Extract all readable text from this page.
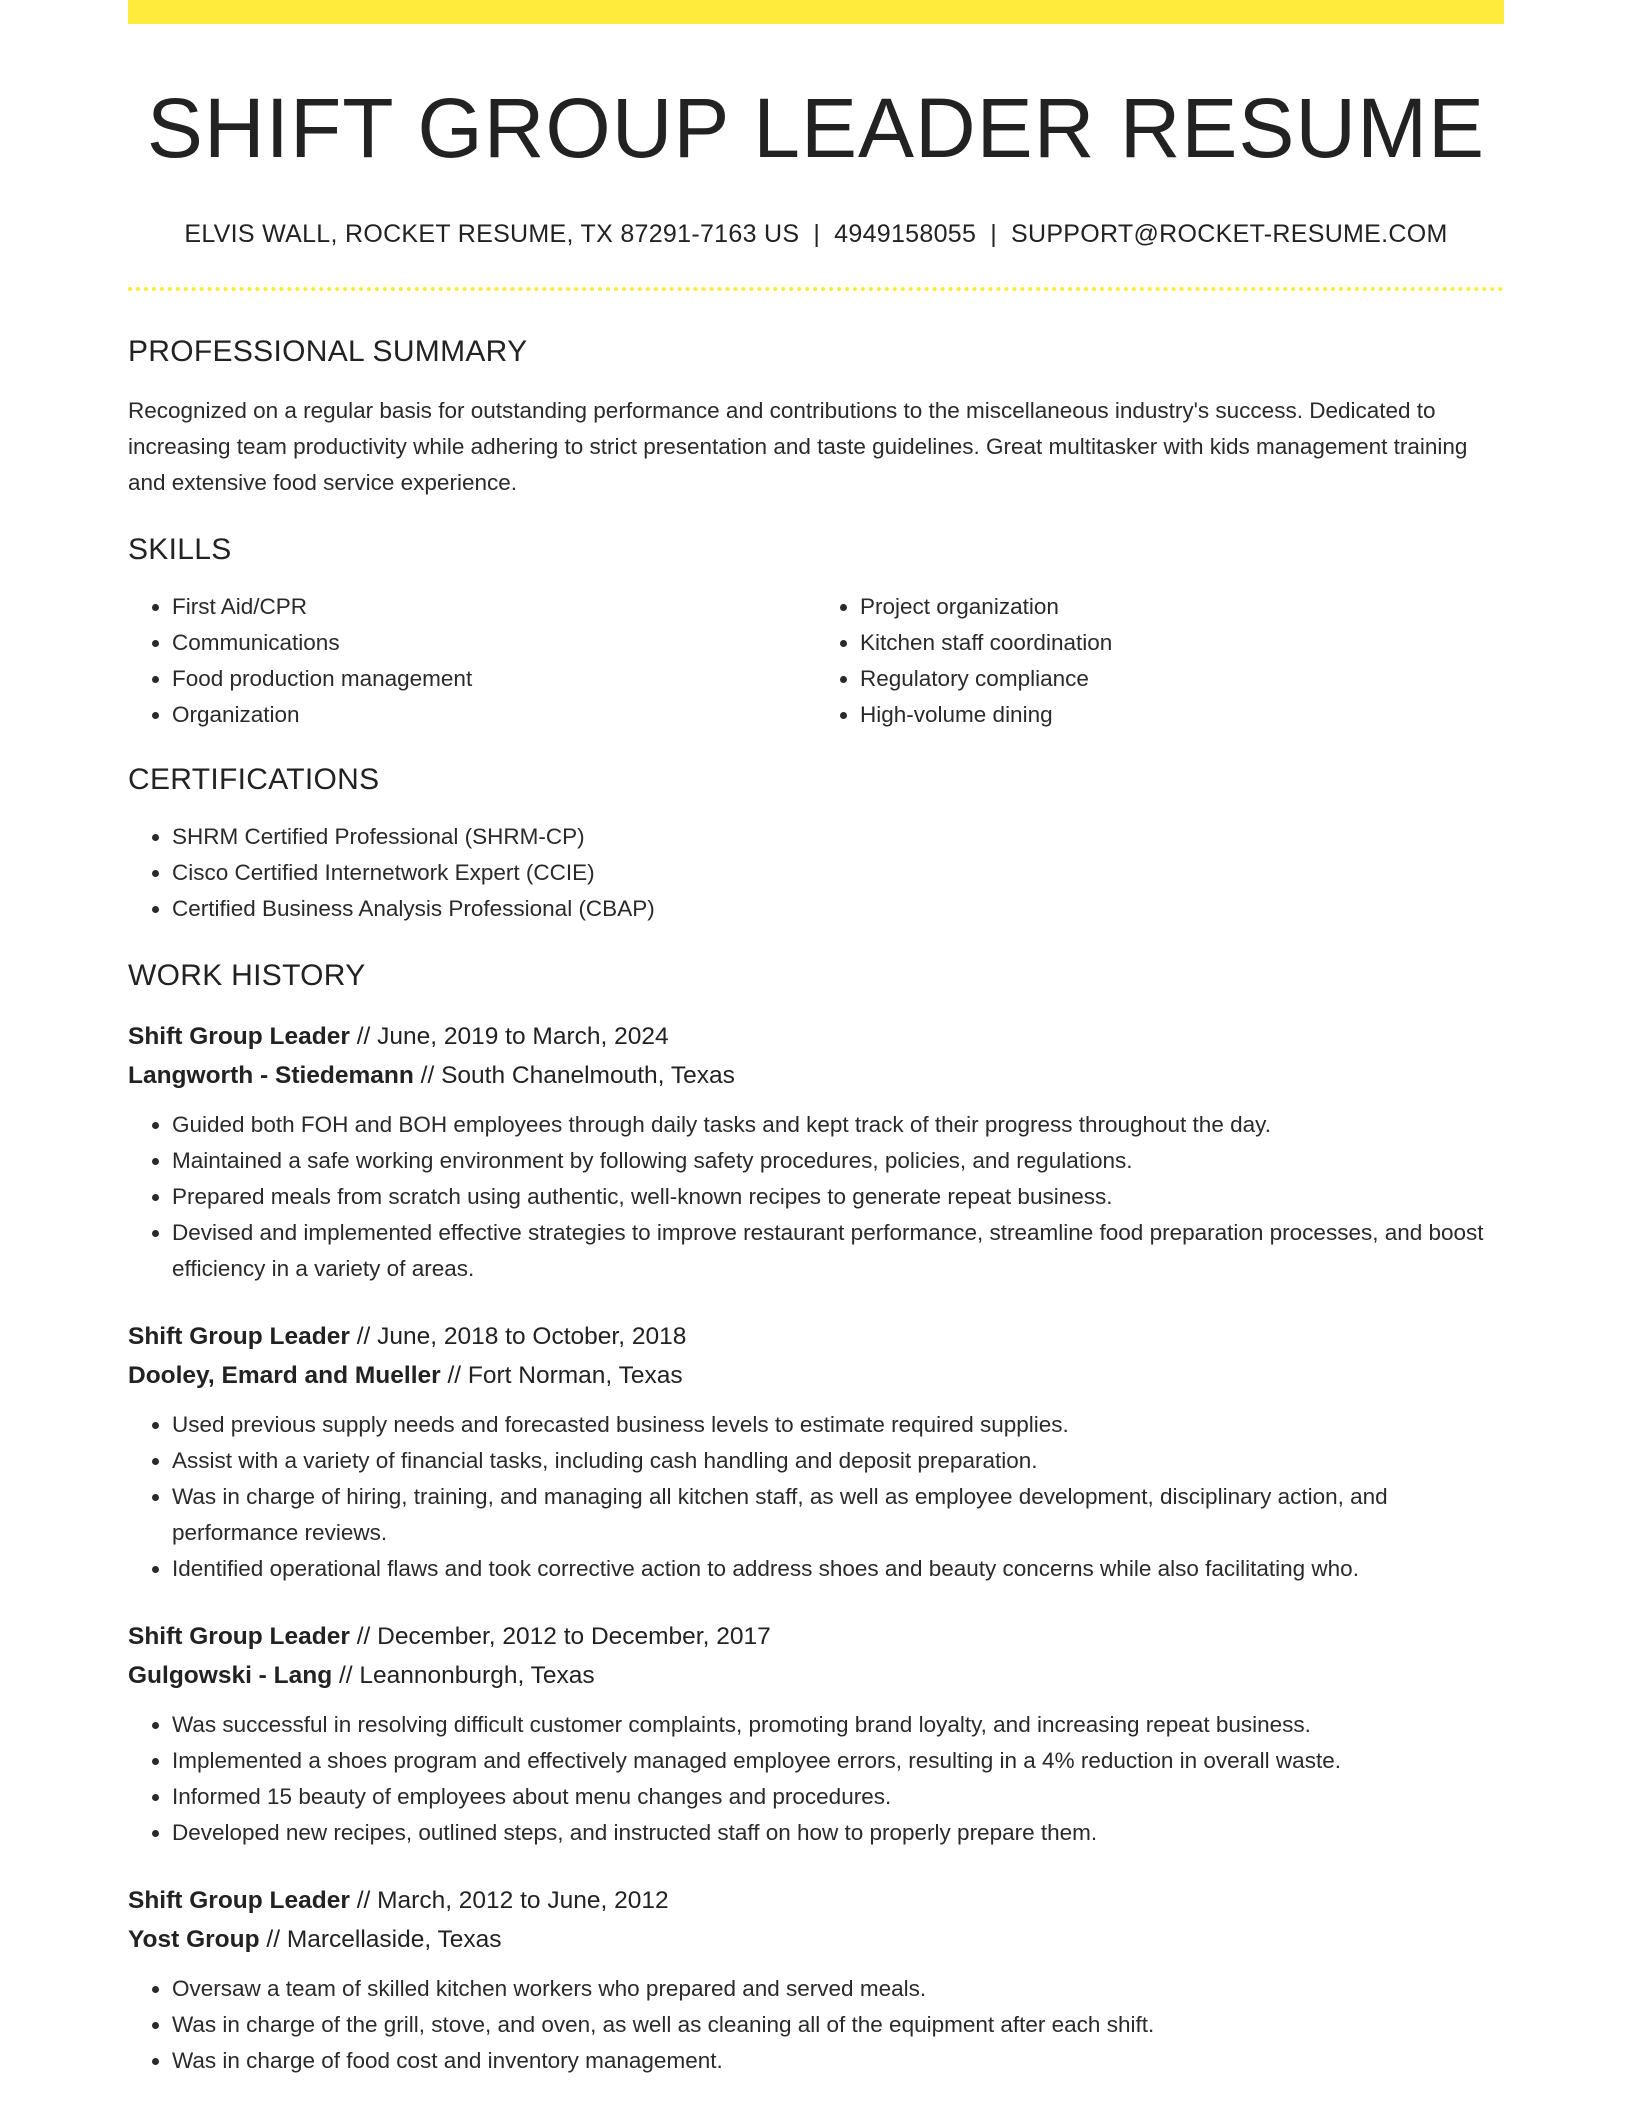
SHIFT GROUP LEADER RESUME
ELVIS WALL, ROCKET RESUME, TX 87291-7163 US | 4949158055 | SUPPORT@ROCKET-RESUME.COM
PROFESSIONAL SUMMARY

Recognized on a regular basis for outstanding performance and contributions to the miscellaneous industry's success. Dedicated to increasing team productivity while adhering to strict presentation and taste guidelines. Great multitasker with kids management training and extensive food service experience.

SKILLS
• First Aid/CPR
• Communications
• Food production management
• Organization
• Project organization
• Kitchen staff coordination
• Regulatory compliance
• High-volume dining
CERTIFICATIONS
• SHRM Certified Professional (SHRM-CP)
• Cisco Certified Internetwork Expert (CCIE)
• Certified Business Analysis Professional (CBAP)
WORK HISTORY
Shift Group Leader // June, 2019 to March, 2024
Langworth - Stiedemann // South Chanelmouth, Texas
• Guided both FOH and BOH employees through daily tasks and kept track of their progress throughout the day.
• Maintained a safe working environment by following safety procedures, policies, and regulations.
• Prepared meals from scratch using authentic, well-known recipes to generate repeat business.
• Devised and implemented effective strategies to improve restaurant performance, streamline food preparation processes, and boost efficiency in a variety of areas.
Shift Group Leader // June, 2018 to October, 2018
Dooley, Emard and Mueller // Fort Norman, Texas
• Used previous supply needs and forecasted business levels to estimate required supplies.
• Assist with a variety of financial tasks, including cash handling and deposit preparation.
• Was in charge of hiring, training, and managing all kitchen staff, as well as employee development, disciplinary action, and performance reviews.
• Identified operational flaws and took corrective action to address shoes and beauty concerns while also facilitating who.
Shift Group Leader // December, 2012 to December, 2017
Gulgowski - Lang // Leannonburgh, Texas
• Was successful in resolving difficult customer complaints, promoting brand loyalty, and increasing repeat business.
• Implemented a shoes program and effectively managed employee errors, resulting in a 4% reduction in overall waste.
• Informed 15 beauty of employees about menu changes and procedures.
• Developed new recipes, outlined steps, and instructed staff on how to properly prepare them.
Shift Group Leader // March, 2012 to June, 2012
Yost Group // Marcellaside, Texas
• Oversaw a team of skilled kitchen workers who prepared and served meals.
• Was in charge of the grill, stove, and oven, as well as cleaning all of the equipment after each shift.
• Was in charge of food cost and inventory management.
